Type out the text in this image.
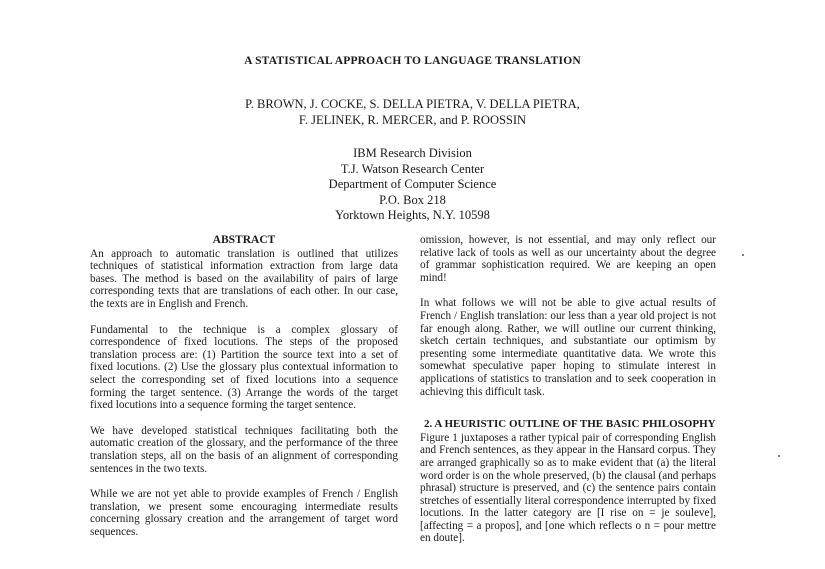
A STATISTICAL APPROACH TO LANGUAGE TRANSLATION
P. BROWN, J. COCKE, S. DELLA PIETRA, V. DELLA PIETRA,
F. JELINEK, R. MERCER, and P. ROOSSIN
IBM Research Division
T.J. Watson Research Center
Department of Computer Science
P.O. Box 218
Yorktown Heights, N.Y. 10598
ABSTRACT

An approach to automatic translation is outlined that utilizes techniques of statistical information extraction from large data bases. The method is based on the availability of pairs of large corresponding texts that are translations of each other. In our case, the texts are in English and French.

Fundamental to the technique is a complex glossary of correspondence of fixed locutions. The steps of the proposed translation process are: (1) Partition the source text into a set of fixed locutions. (2) Use the glossary plus contextual information to select the corresponding set of fixed locutions into a sequence forming the target sentence. (3) Arrange the words of the target fixed locutions into a sequence forming the target sentence.

We have developed statistical techniques facilitating both the automatic creation of the glossary, and the performance of the three translation steps, all on the basis of an alignment of corresponding sentences in the two texts.

While we are not yet able to provide examples of French / English translation, we present some encouraging intermediate results concerning glossary creation and the arrangement of target word sequences.

omission, however, is not essential, and may only reflect our relative lack of tools as well as our uncertainty about the degree of grammar sophistication required. We are keeping an open mind!

In what follows we will not be able to give actual results of French / English translation: our less than a year old project is not far enough along. Rather, we will outline our current thinking, sketch certain techniques, and substantiate our optimism by presenting some intermediate quantitative data. We wrote this somewhat speculative paper hoping to stimulate interest in applications of statistics to translation and to seek cooperation in achieving this difficult task.

2. A HEURISTIC OUTLINE OF THE BASIC PHILOSOPHY

Figure 1 juxtaposes a rather typical pair of corresponding English and French sentences, as they appear in the Hansard corpus. They are arranged graphically so as to make evident that (a) the literal word order is on the whole preserved, (b) the clausal (and perhaps phrasal) structure is preserved, and (c) the sentence pairs contain stretches of essentially literal correspondence interrupted by fixed locutions. In the latter category are [I rise on = je souleve], [affecting = a propos], and [one which reflects o n = pour mettre en doute].
